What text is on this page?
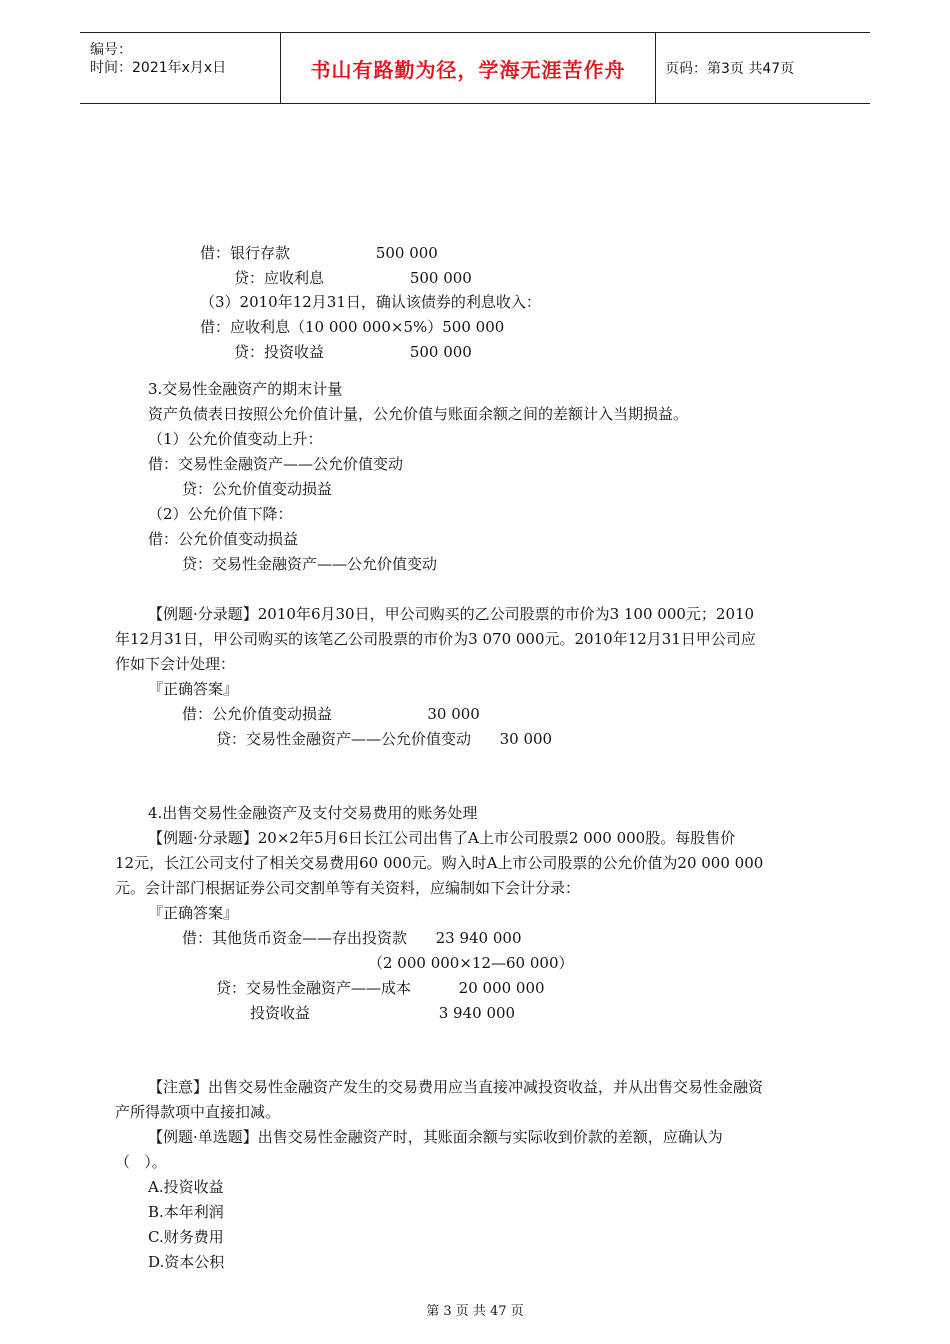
编号：
时间：2021年x月x日	书山有路勤为径，学海无涯苦作舟	页码：第3页 共47页
借：银行存款                  500 000
贷：应收利息                  500 000
（3）2010年12月31日，确认该债券的利息收入：
借：应收利息（10 000 000×5%）500 000
贷：投资收益                  500 000
3.交易性金融资产的期末计量
资产负债表日按照公允价值计量，公允价值与账面余额之间的差额计入当期损益。
（1）公允价值变动上升：
借：交易性金融资产——公允价值变动
贷：公允价值变动损益
（2）公允价值下降：
借：公允价值变动损益
贷：交易性金融资产——公允价值变动
【例题·分录题】2010年6月30日，甲公司购买的乙公司股票的市价为3 100 000元；2010
年12月31日，甲公司购买的该笔乙公司股票的市价为3 070 000元。2010年12月31日甲公司应
作如下会计处理：
『正确答案』
借：公允价值变动损益                    30 000
贷：交易性金融资产——公允价值变动      30 000
4.出售交易性金融资产及支付交易费用的账务处理
【例题·分录题】20×2年5月6日长江公司出售了A上市公司股票2 000 000股。每股售价
12元，长江公司支付了相关交易费用60 000元。购入时A上市公司股票的公允价值为20 000 000
元。会计部门根据证券公司交割单等有关资料，应编制如下会计分录：
『正确答案』
借：其他货币资金——存出投资款      23 940 000
（2 000 000×12—60 000）
贷：交易性金融资产——成本          20 000 000
投资收益                           3 940 000
【注意】出售交易性金融资产发生的交易费用应当直接冲减投资收益，并从出售交易性金融资
产所得款项中直接扣减。
【例题·单选题】出售交易性金融资产时，其账面余额与实际收到价款的差额，应确认为
（   ）。
A.投资收益
B.本年利润
C.财务费用
D.资本公积
第 3 页 共 47 页
